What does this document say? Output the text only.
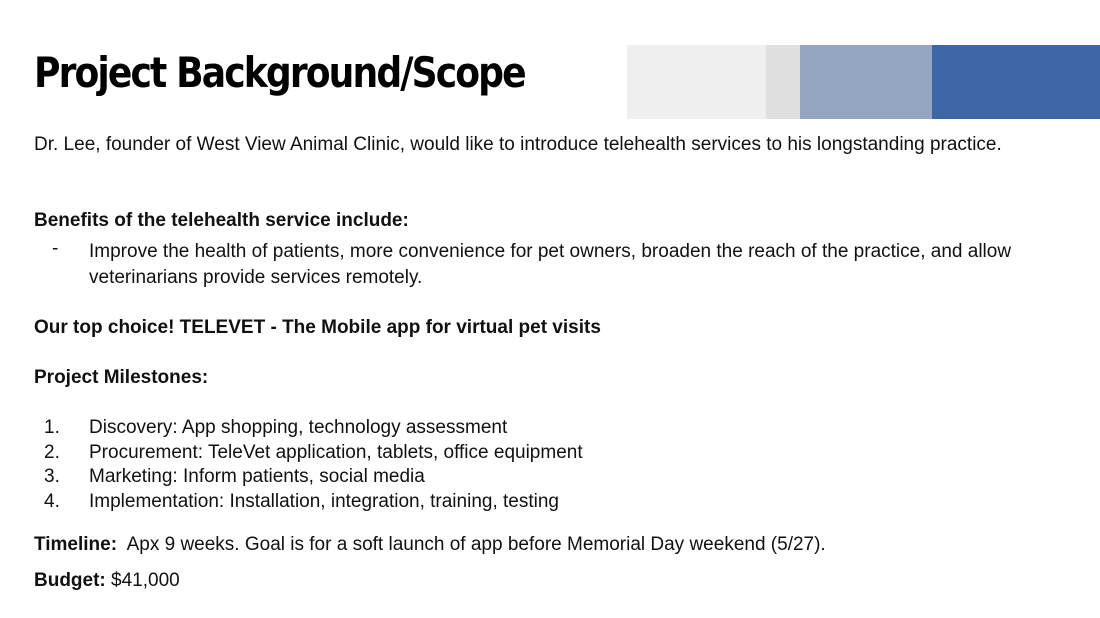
Project Background/Scope
Dr. Lee, founder of West View Animal Clinic, would like to introduce telehealth services to his longstanding practice.
Benefits of the telehealth service include:
- Improve the health of patients, more convenience for pet owners, broaden the reach of the practice, and allow veterinarians provide services remotely.
Our top choice! TELEVET - The Mobile app for virtual pet visits
Project Milestones:
1.	Discovery: App shopping, technology assessment
2.	Procurement: TeleVet application, tablets, office equipment
3.	Marketing: Inform patients, social media
4.	Implementation: Installation, integration, training, testing
Timeline: Apx 9 weeks. Goal is for a soft launch of app before Memorial Day weekend (5/27).
Budget: $41,000
